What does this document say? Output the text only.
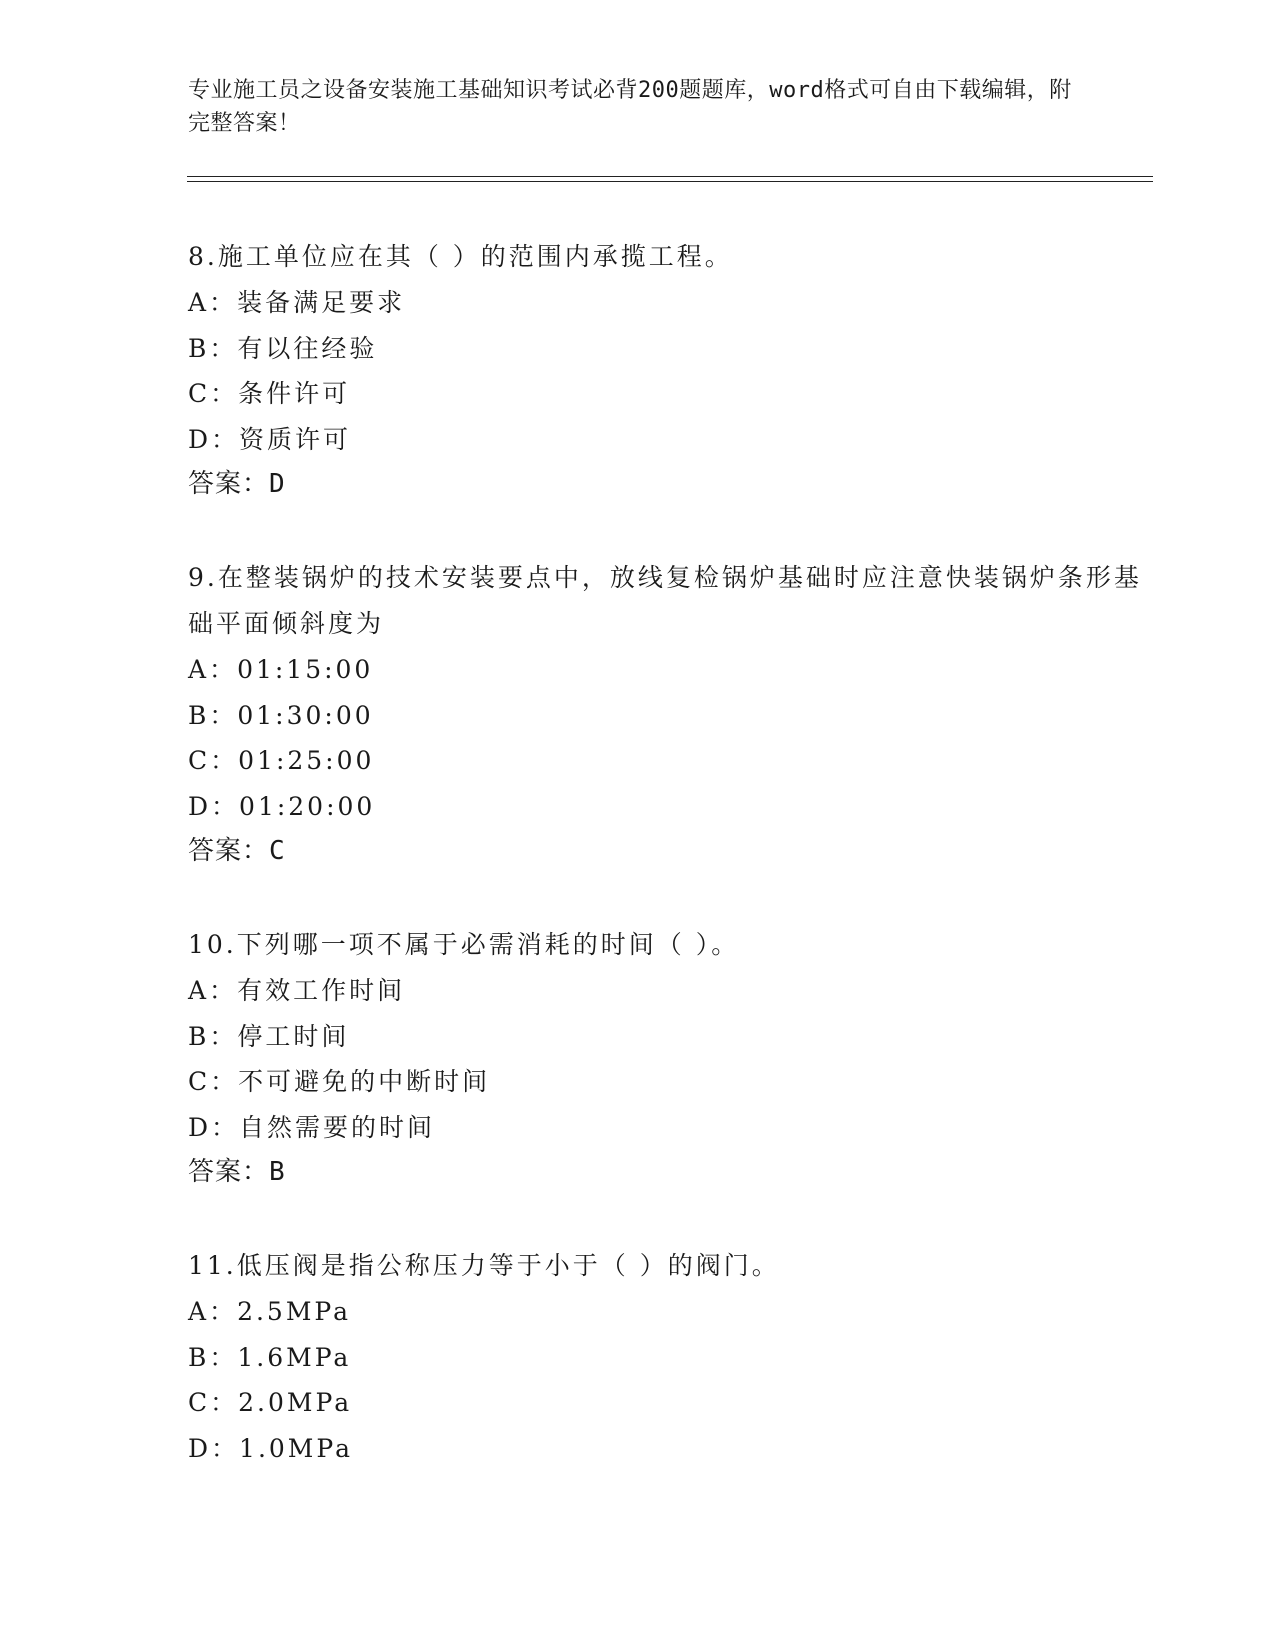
专业施工员之设备安装施工基础知识考试必背200题题库，word格式可自由下载编辑，附完整答案！

8.施工单位应在其（ ）的范围内承揽工程。

A：装备满足要求

B：有以往经验

C：条件许可

D：资质许可

答案：D

9.在整装锅炉的技术安装要点中，放线复检锅炉基础时应注意快装锅炉条形基础平面倾斜度为

A：01:15:00

B：01:30:00

C：01:25:00

D：01:20:00

答案：C

10.下列哪一项不属于必需消耗的时间（ ）。

A：有效工作时间

B：停工时间

C：不可避免的中断时间

D：自然需要的时间

答案：B

11.低压阀是指公称压力等于小于（ ）的阀门。

A：2.5MPa

B：1.6MPa

C：2.0MPa

D：1.0MPa
